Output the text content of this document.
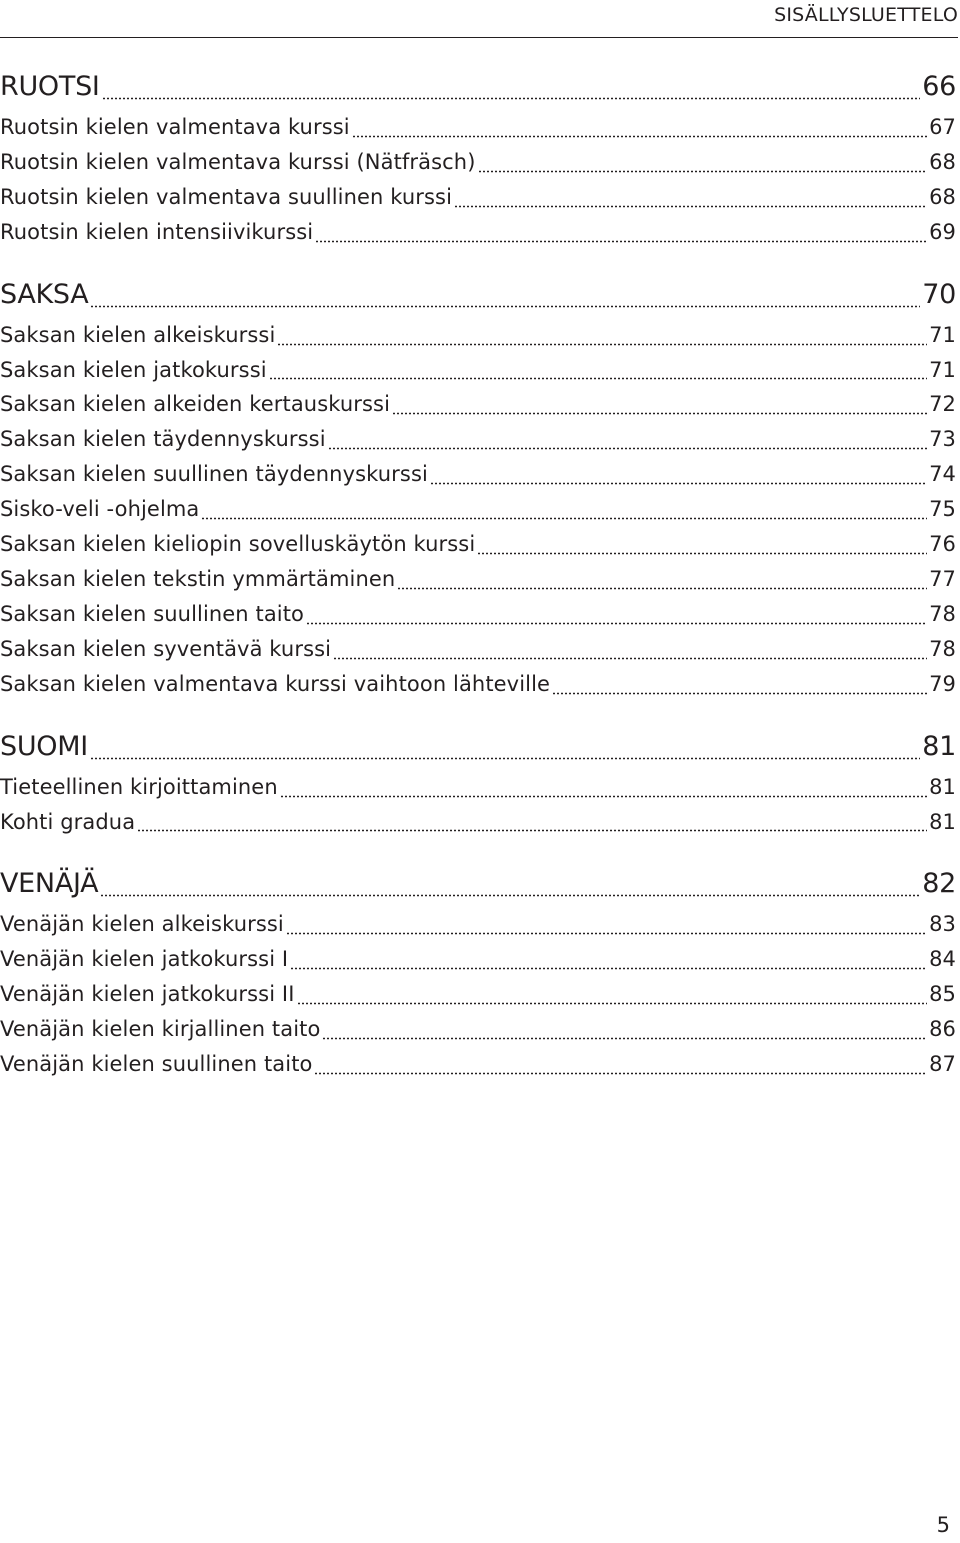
SISÄLLYSLUETTELO
RUOTSI	66
Ruotsin kielen valmentava kurssi	67
Ruotsin kielen valmentava kurssi (Nätfräsch)	68
Ruotsin kielen valmentava suullinen kurssi	68
Ruotsin kielen intensiivikurssi	69
SAKSA	70
Saksan kielen alkeiskurssi	71
Saksan kielen jatkokurssi	71
Saksan kielen alkeiden kertauskurssi	72
Saksan kielen täydennyskurssi	73
Saksan kielen suullinen täydennyskurssi	74
Sisko-veli -ohjelma	75
Saksan kielen kieliopin sovelluskäytön kurssi	76
Saksan kielen tekstin ymmärtäminen	77
Saksan kielen suullinen taito	78
Saksan kielen syventävä kurssi	78
Saksan kielen valmentava kurssi vaihtoon lähteville	79
SUOMI	81
Tieteellinen kirjoittaminen	81
Kohti gradua	81
VENÄJÄ	82
Venäjän kielen alkeiskurssi	83
Venäjän kielen jatkokurssi I	84
Venäjän kielen jatkokurssi II	85
Venäjän kielen kirjallinen taito	86
Venäjän kielen suullinen taito	87
5
